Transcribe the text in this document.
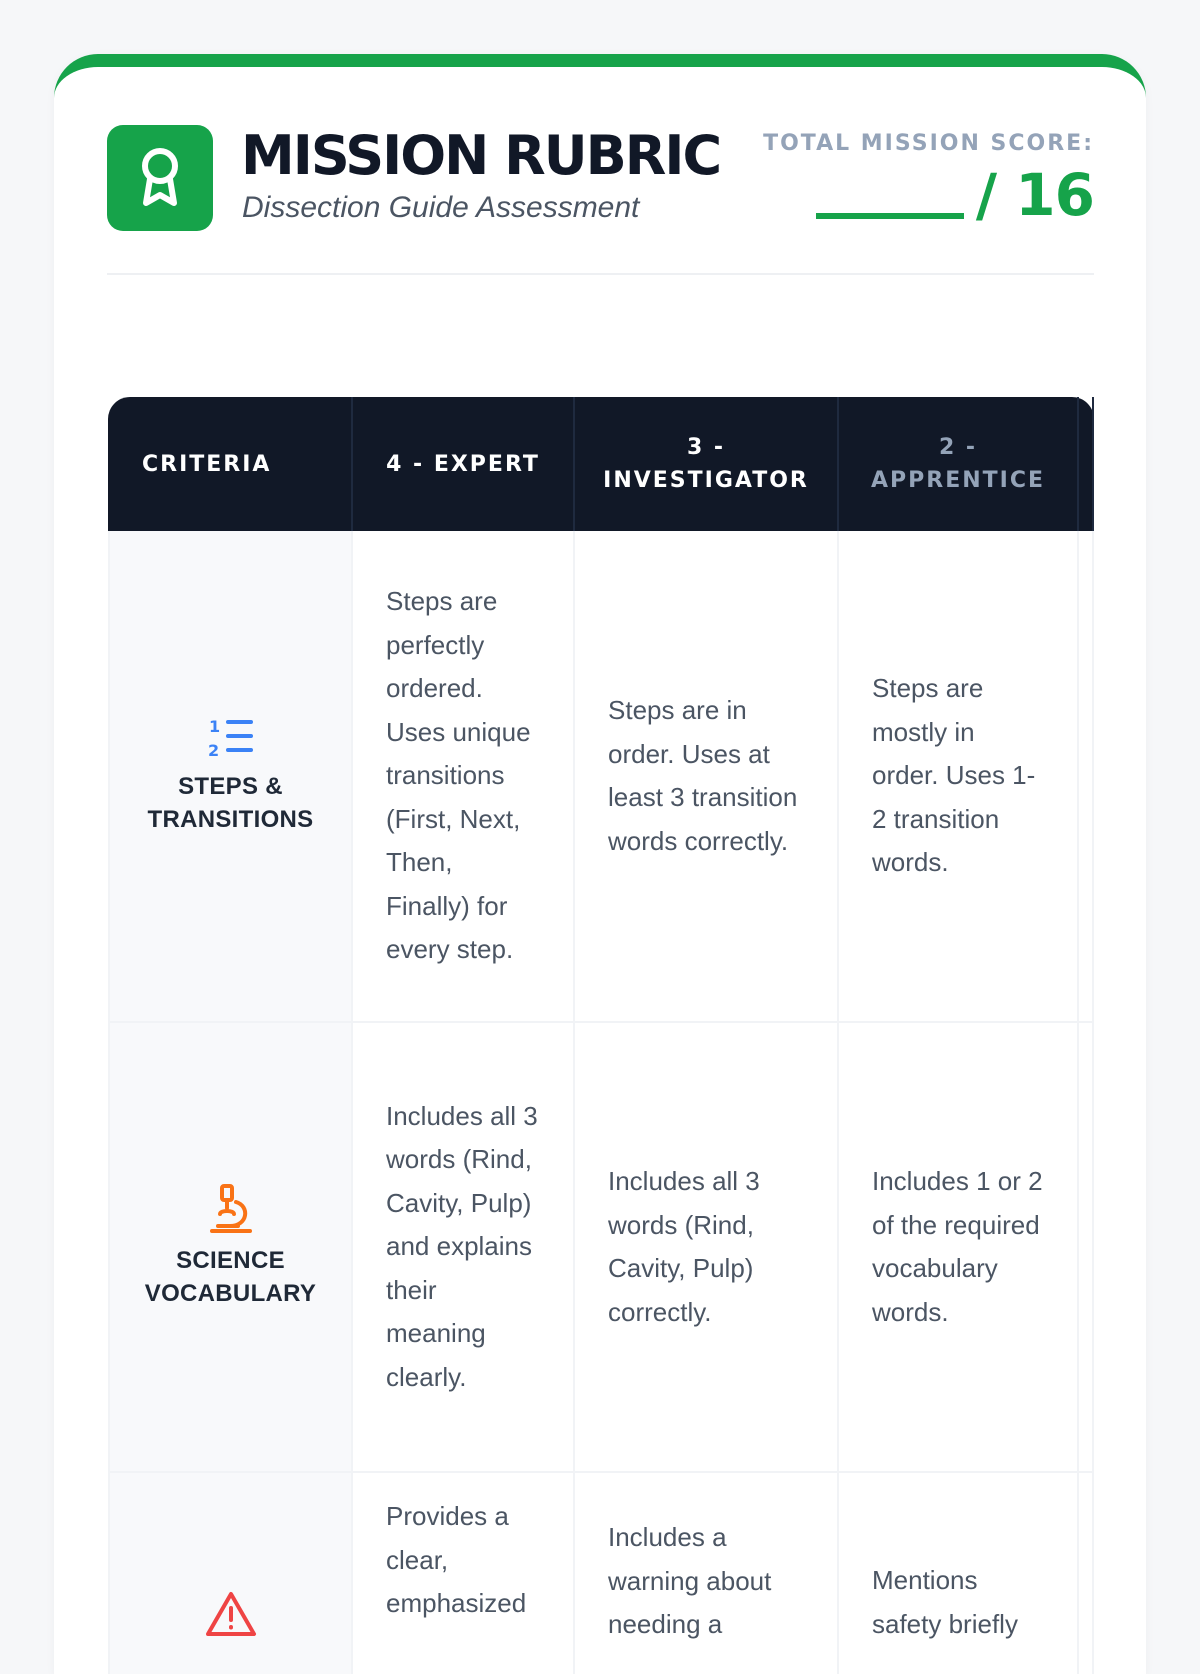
MISSION RUBRIC
Dissection Guide Assessment
TOTAL MISSION SCORE:
/ 16
CRITERIA	4 - EXPERT
3 - INVESTIGATOR
2 - APPRENTICE
1
2
STEPS & TRANSITIONS
Steps are perfectly ordered. Uses unique transitions (First, Next, Then, Finally) for every step.
Steps are in order. Uses at least 3 transition words correctly.
Steps are mostly in order. Uses 1-2 transition words.
SCIENCE VOCABULARY
Includes all 3 words (Rind, Cavity, Pulp) and explains their meaning clearly.
Includes all 3 words (Rind, Cavity, Pulp) correctly.
Includes 1 or 2 of the required vocabulary words.
Provides a clear, emphasized
Includes a warning about needing a
Mentions safety briefly
